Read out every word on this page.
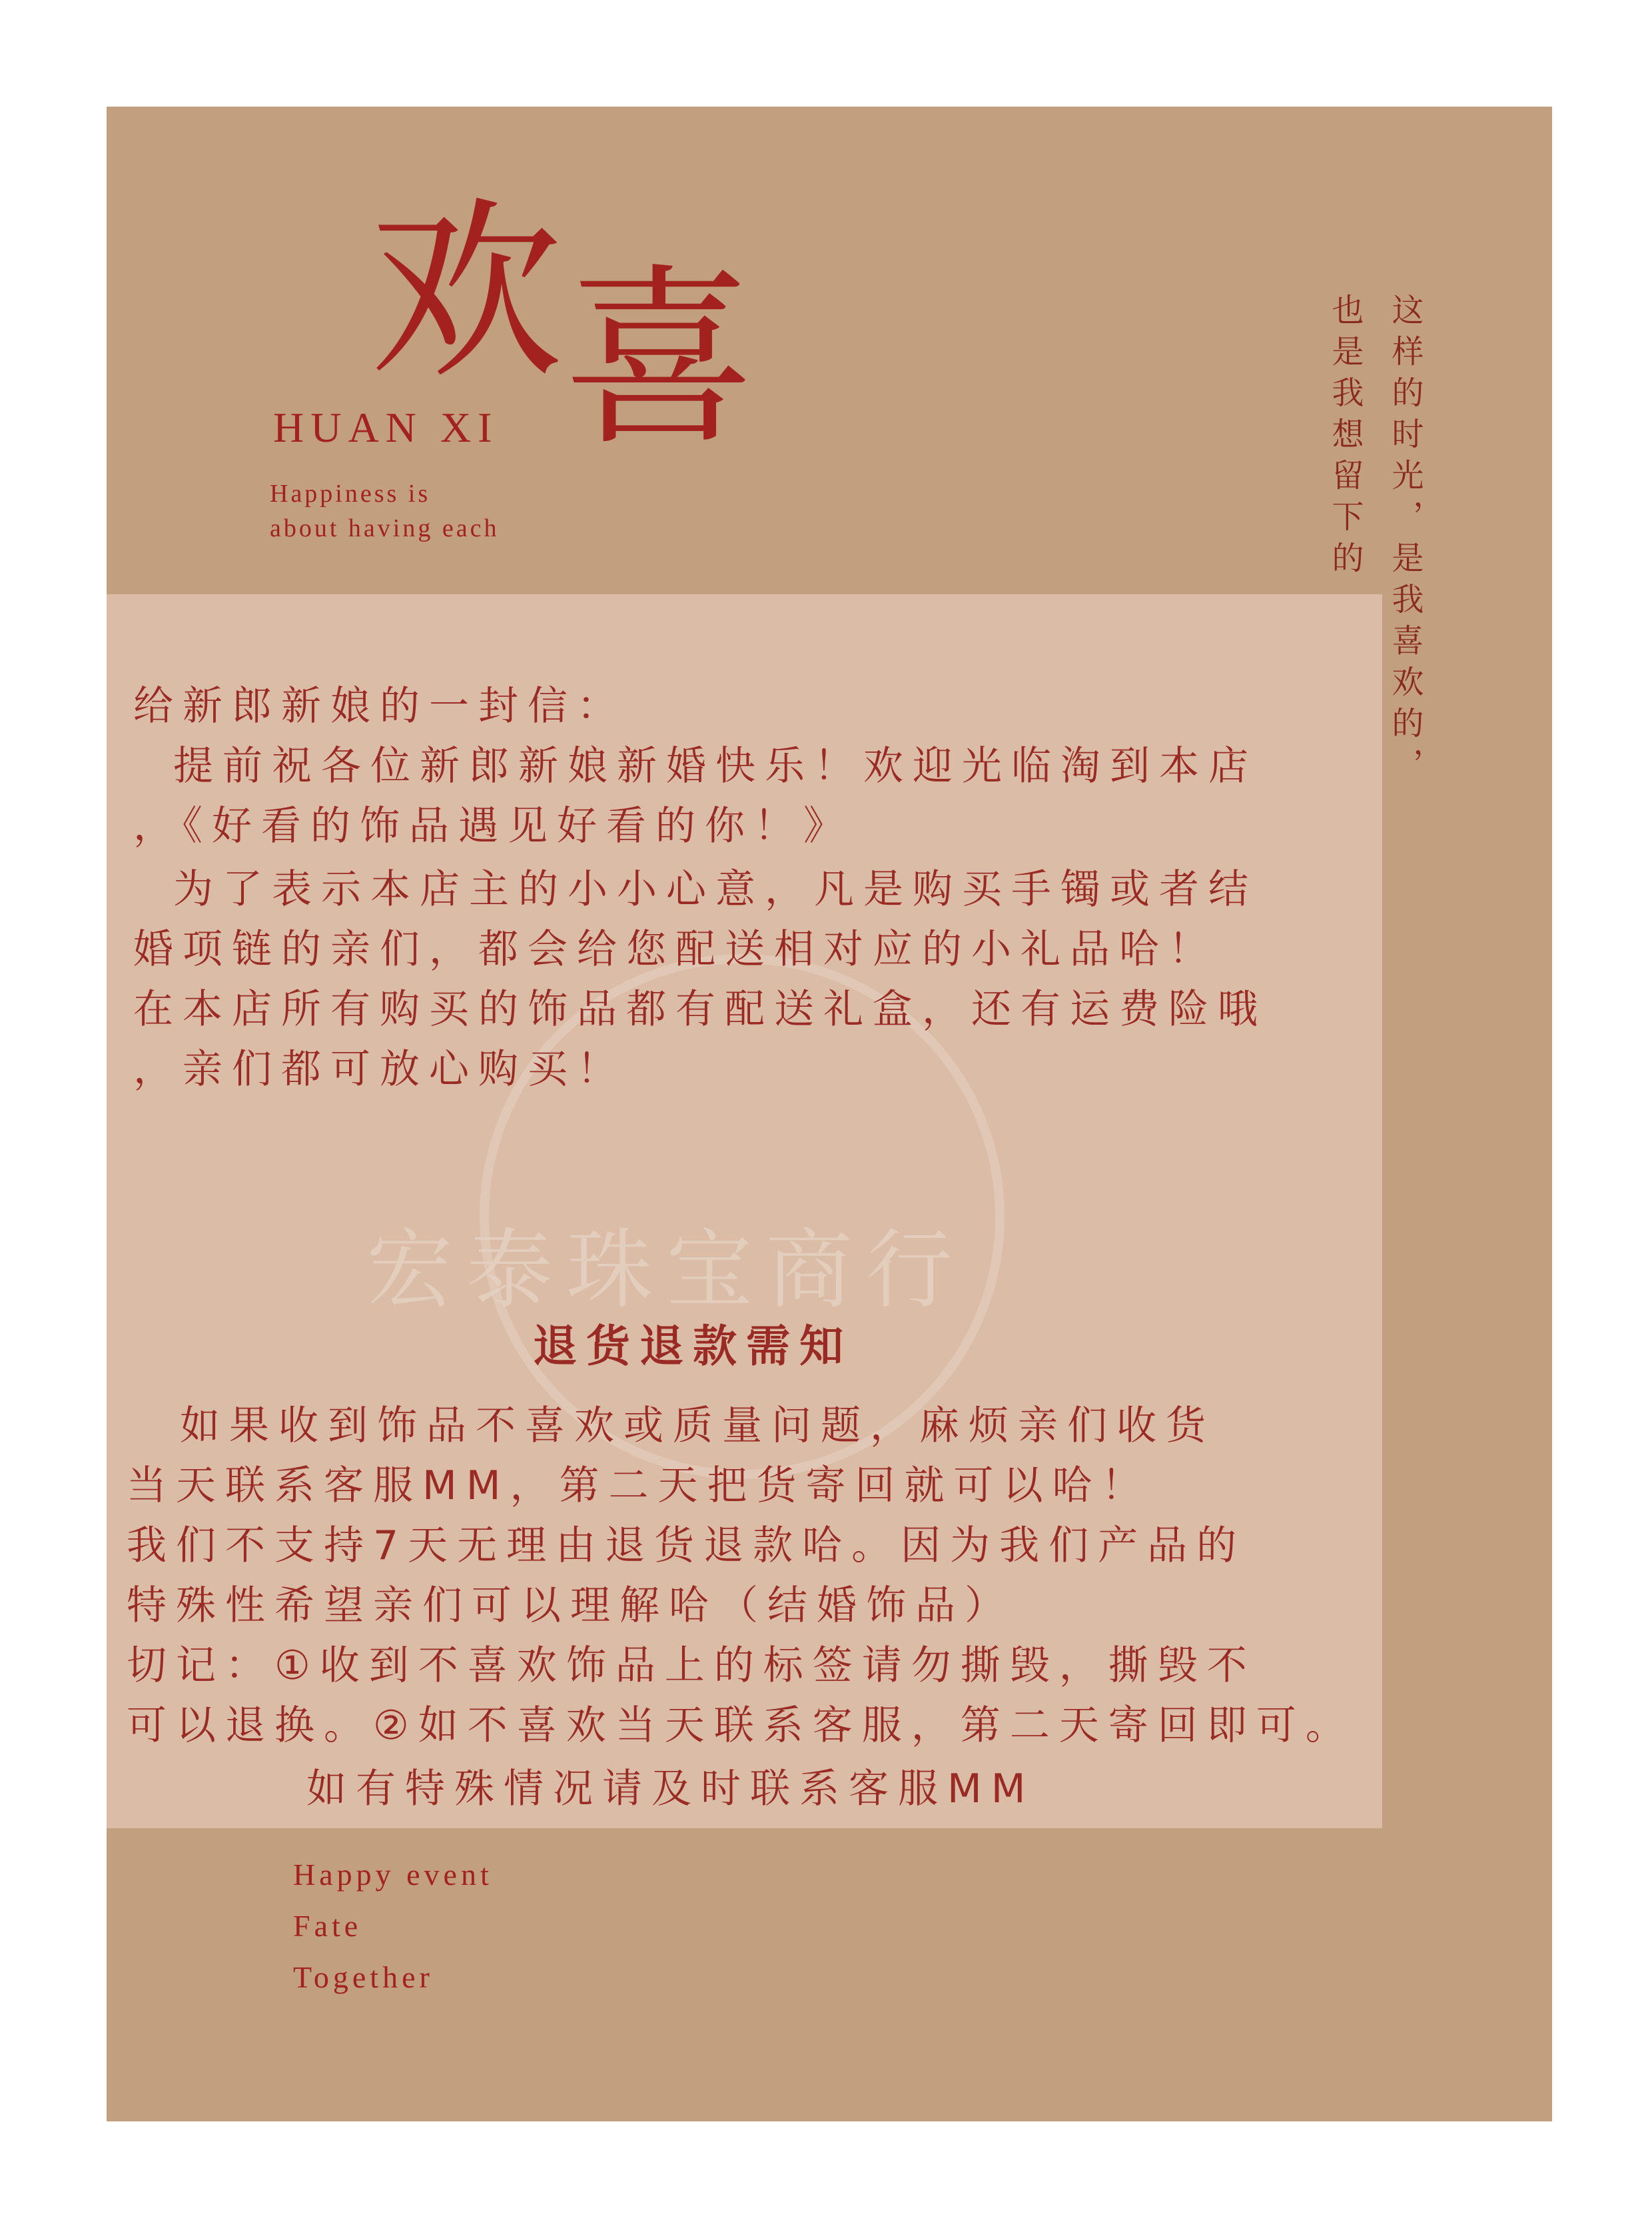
欢 喜
HUAN XI
Happiness is
about having each	这样的时光，是我喜欢的，
也是我想留下的
宏泰珠宝商行
给新郎新娘的一封信：
提前祝各位新郎新娘新婚快乐！欢迎光临淘到本店
，《好看的饰品遇见好看的你！》
为了表示本店主的小小心意，凡是购买手镯或者结
婚项链的亲们，都会给您配送相对应的小礼品哈！
在本店所有购买的饰品都有配送礼盒，还有运费险哦
，亲们都可放心购买！
退货退款需知
如果收到饰品不喜欢或质量问题，麻烦亲们收货
当天联系客服MM，第二天把货寄回就可以哈！
我们不支持7天无理由退货退款哈。因为我们产品的
特殊性希望亲们可以理解哈（结婚饰品）
切记：①收到不喜欢饰品上的标签请勿撕毁，撕毁不
可以退换。②如不喜欢当天联系客服，第二天寄回即可。
如有特殊情况请及时联系客服MM
Happy event
Fate
Together
